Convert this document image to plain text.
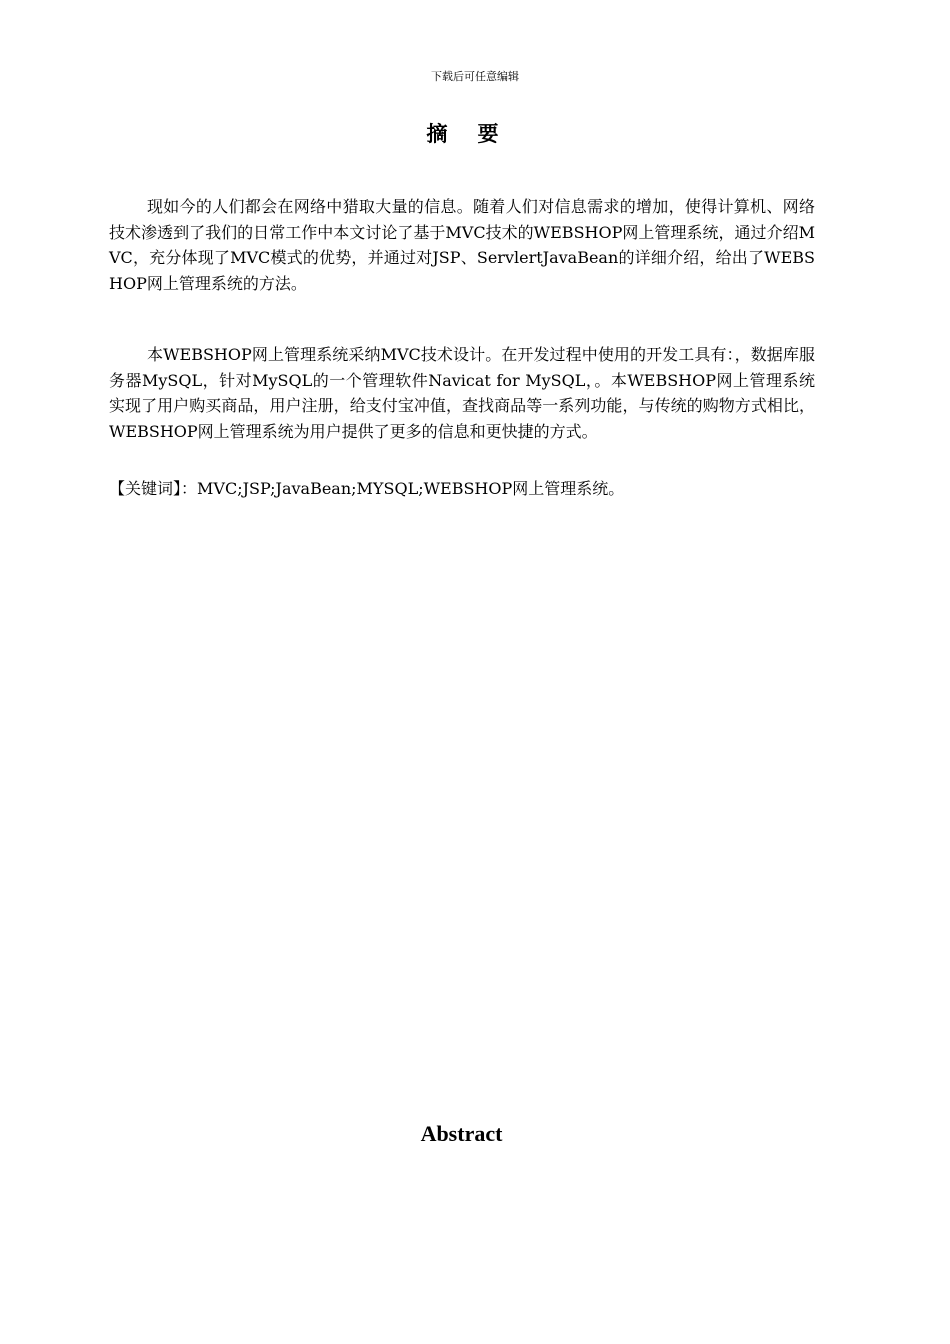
下载后可任意编辑
摘要
现如今的人们都会在网络中猎取大量的信息。随着人们对信息需求的增加，使得计算机、网络技术渗透到了我们的日常工作中本文讨论了基于MVC技术的WEBSHOP网上管理系统，通过介绍MVC，充分体现了MVC模式的优势，并通过对JSP、ServlertJavaBean的详细介绍，给出了WEBSHOP网上管理系统的方法。
本WEBSHOP网上管理系统采纳MVC技术设计。在开发过程中使用的开发工具有：，数据库服务器MySQL，针对MySQL的一个管理软件Navicat for MySQL，。本WEBSHOP网上管理系统实现了用户购买商品，用户注册，给支付宝冲值，查找商品等一系列功能，与传统的购物方式相比，WEBSHOP网上管理系统为用户提供了更多的信息和更快捷的方式。
【关键词】：MVC;JSP;JavaBean;MYSQL;WEBSHOP网上管理系统。
Abstract
